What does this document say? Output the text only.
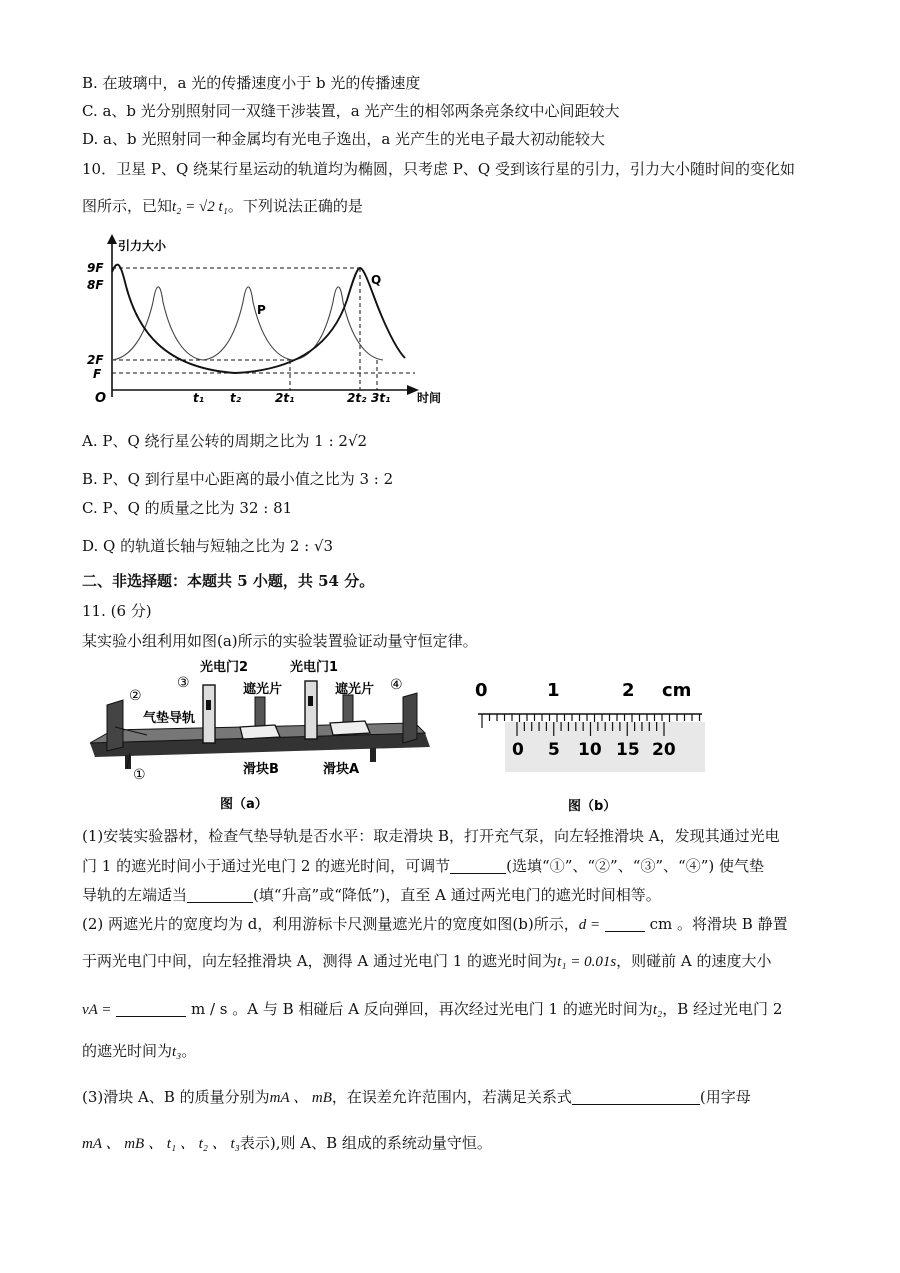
B. 在玻璃中，a 光的传播速度小于 b 光的传播速度
C. a、b 光分别照射同一双缝干涉装置，a 光产生的相邻两条亮条纹中心间距较大
D. a、b 光照射同一种金属均有光电子逸出，a 光产生的光电子最大初动能较大
10．卫星 P、Q 绕某行星运动的轨道均为椭圆，只考虑 P、Q 受到该行星的引力，引力大小随时间的变化如
图所示，已知t₂ = √2 t₁。下列说法正确的是
引力大小
时间
O
9F
8F
2F
F
P
Q
t₁ t₂	2t₁	2t₂ 3t₁
A. P、Q 绕行星公转的周期之比为 1 : 2√2
B. P、Q 到行星中心距离的最小值之比为 3 : 2
C. P、Q 的质量之比为 32 : 81
D. Q 的轨道长轴与短轴之比为 2 : √3
二、非选择题：本题共 5 小题，共 54 分。
11. (6 分)
某实验小组利用如图(a)所示的实验装置验证动量守恒定律。
光电门2	光电门1
遮光片	遮光片
气垫导轨
滑块B	滑块A
①
②
③	④
图（a）
0	1	2 cm
0 5 10 15 20
图（b）
(1)安装实验器材，检查气垫导轨是否水平：取走滑块 B，打开充气泵，向左轻推滑块 A，发现其通过光电
门 1 的遮光时间小于通过光电门 2 的遮光时间，可调节	(选填“①”、“②”、“③”、“④”) 使气垫
导轨的左端适当	(填“升高”或“降低”)，直至 A 通过两光电门的遮光时间相等。
(2) 两遮光片的宽度均为 d，利用游标卡尺测量遮光片的宽度如图(b)所示，d =	cm 。将滑块 B 静置
于两光电门中间，向左轻推滑块 A，测得 A 通过光电门 1 的遮光时间为t₁ = 0.01s，则碰前 A 的速度大小
vA =	m / s 。A 与 B 相碰后 A 反向弹回，再次经过光电门 1 的遮光时间为t₂，B 经过光电门 2
的遮光时间为t₃。
(3)滑块 A、B 的质量分别为mA 、 mB，在误差允许范围内，若满足关系式	(用字母
mA 、 mB 、 t₁ 、 t₂ 、 t₃表示),则 A、B 组成的系统动量守恒。
